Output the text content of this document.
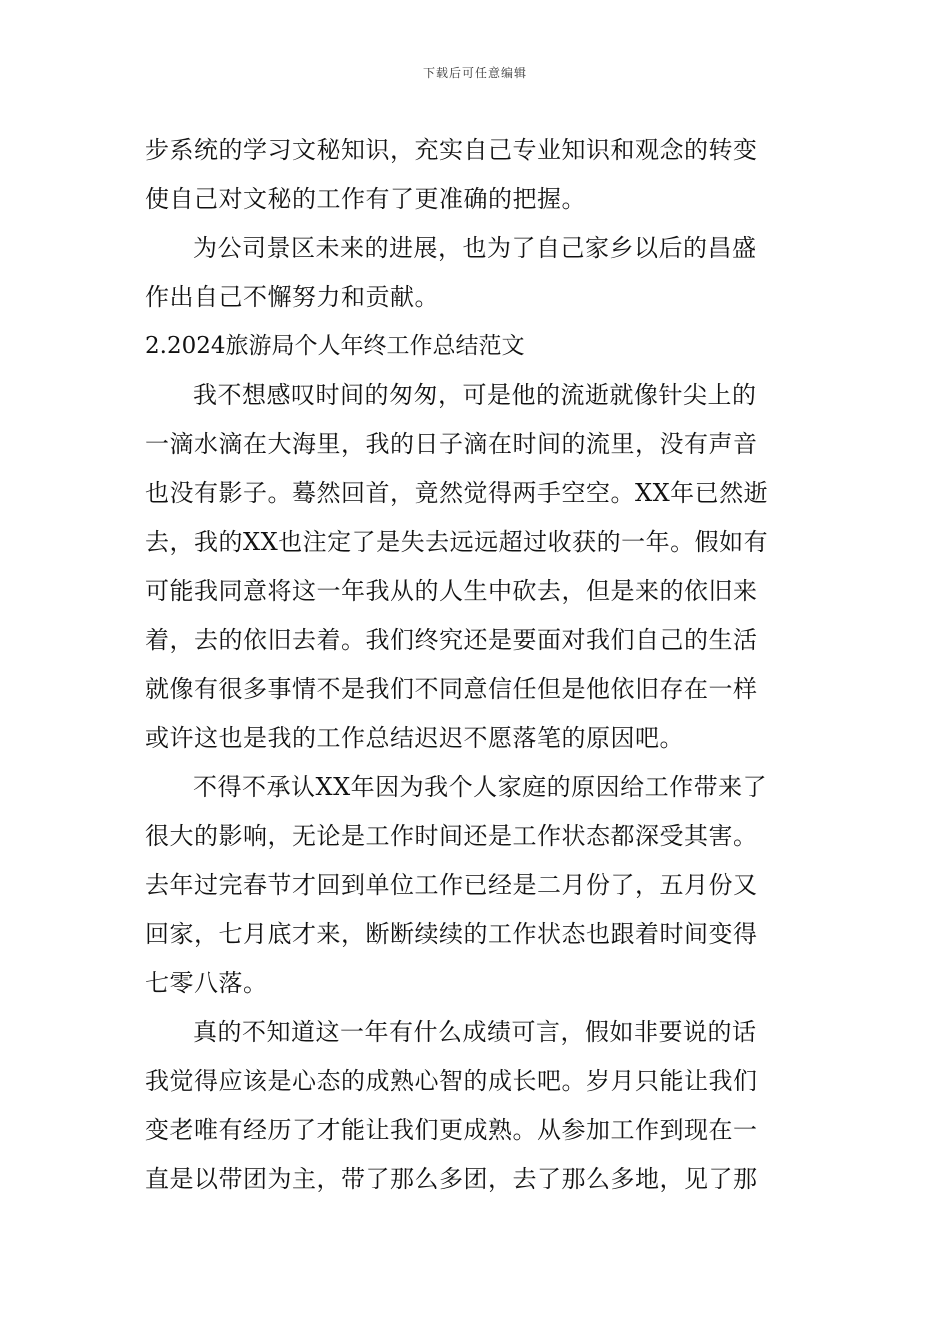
下载后可任意编辑
步系统的学习文秘知识，充实自己专业知识和观念的转变
使自己对文秘的工作有了更准确的把握。
为公司景区未来的进展，也为了自己家乡以后的昌盛
作出自己不懈努力和贡献。
2.2024旅游局个人年终工作总结范文
我不想感叹时间的匆匆，可是他的流逝就像针尖上的
一滴水滴在大海里，我的日子滴在时间的流里，没有声音
也没有影子。蓦然回首，竟然觉得两手空空。XX年已然逝
去，我的XX也注定了是失去远远超过收获的一年。假如有
可能我同意将这一年我从的人生中砍去，但是来的依旧来
着，去的依旧去着。我们终究还是要面对我们自己的生活
就像有很多事情不是我们不同意信任但是他依旧存在一样
或许这也是我的工作总结迟迟不愿落笔的原因吧。
不得不承认XX年因为我个人家庭的原因给工作带来了
很大的影响，无论是工作时间还是工作状态都深受其害。
去年过完春节才回到单位工作已经是二月份了，五月份又
回家，七月底才来，断断续续的工作状态也跟着时间变得
七零八落。
真的不知道这一年有什么成绩可言，假如非要说的话
我觉得应该是心态的成熟心智的成长吧。岁月只能让我们
变老唯有经历了才能让我们更成熟。从参加工作到现在一
直是以带团为主，带了那么多团，去了那么多地，见了那
